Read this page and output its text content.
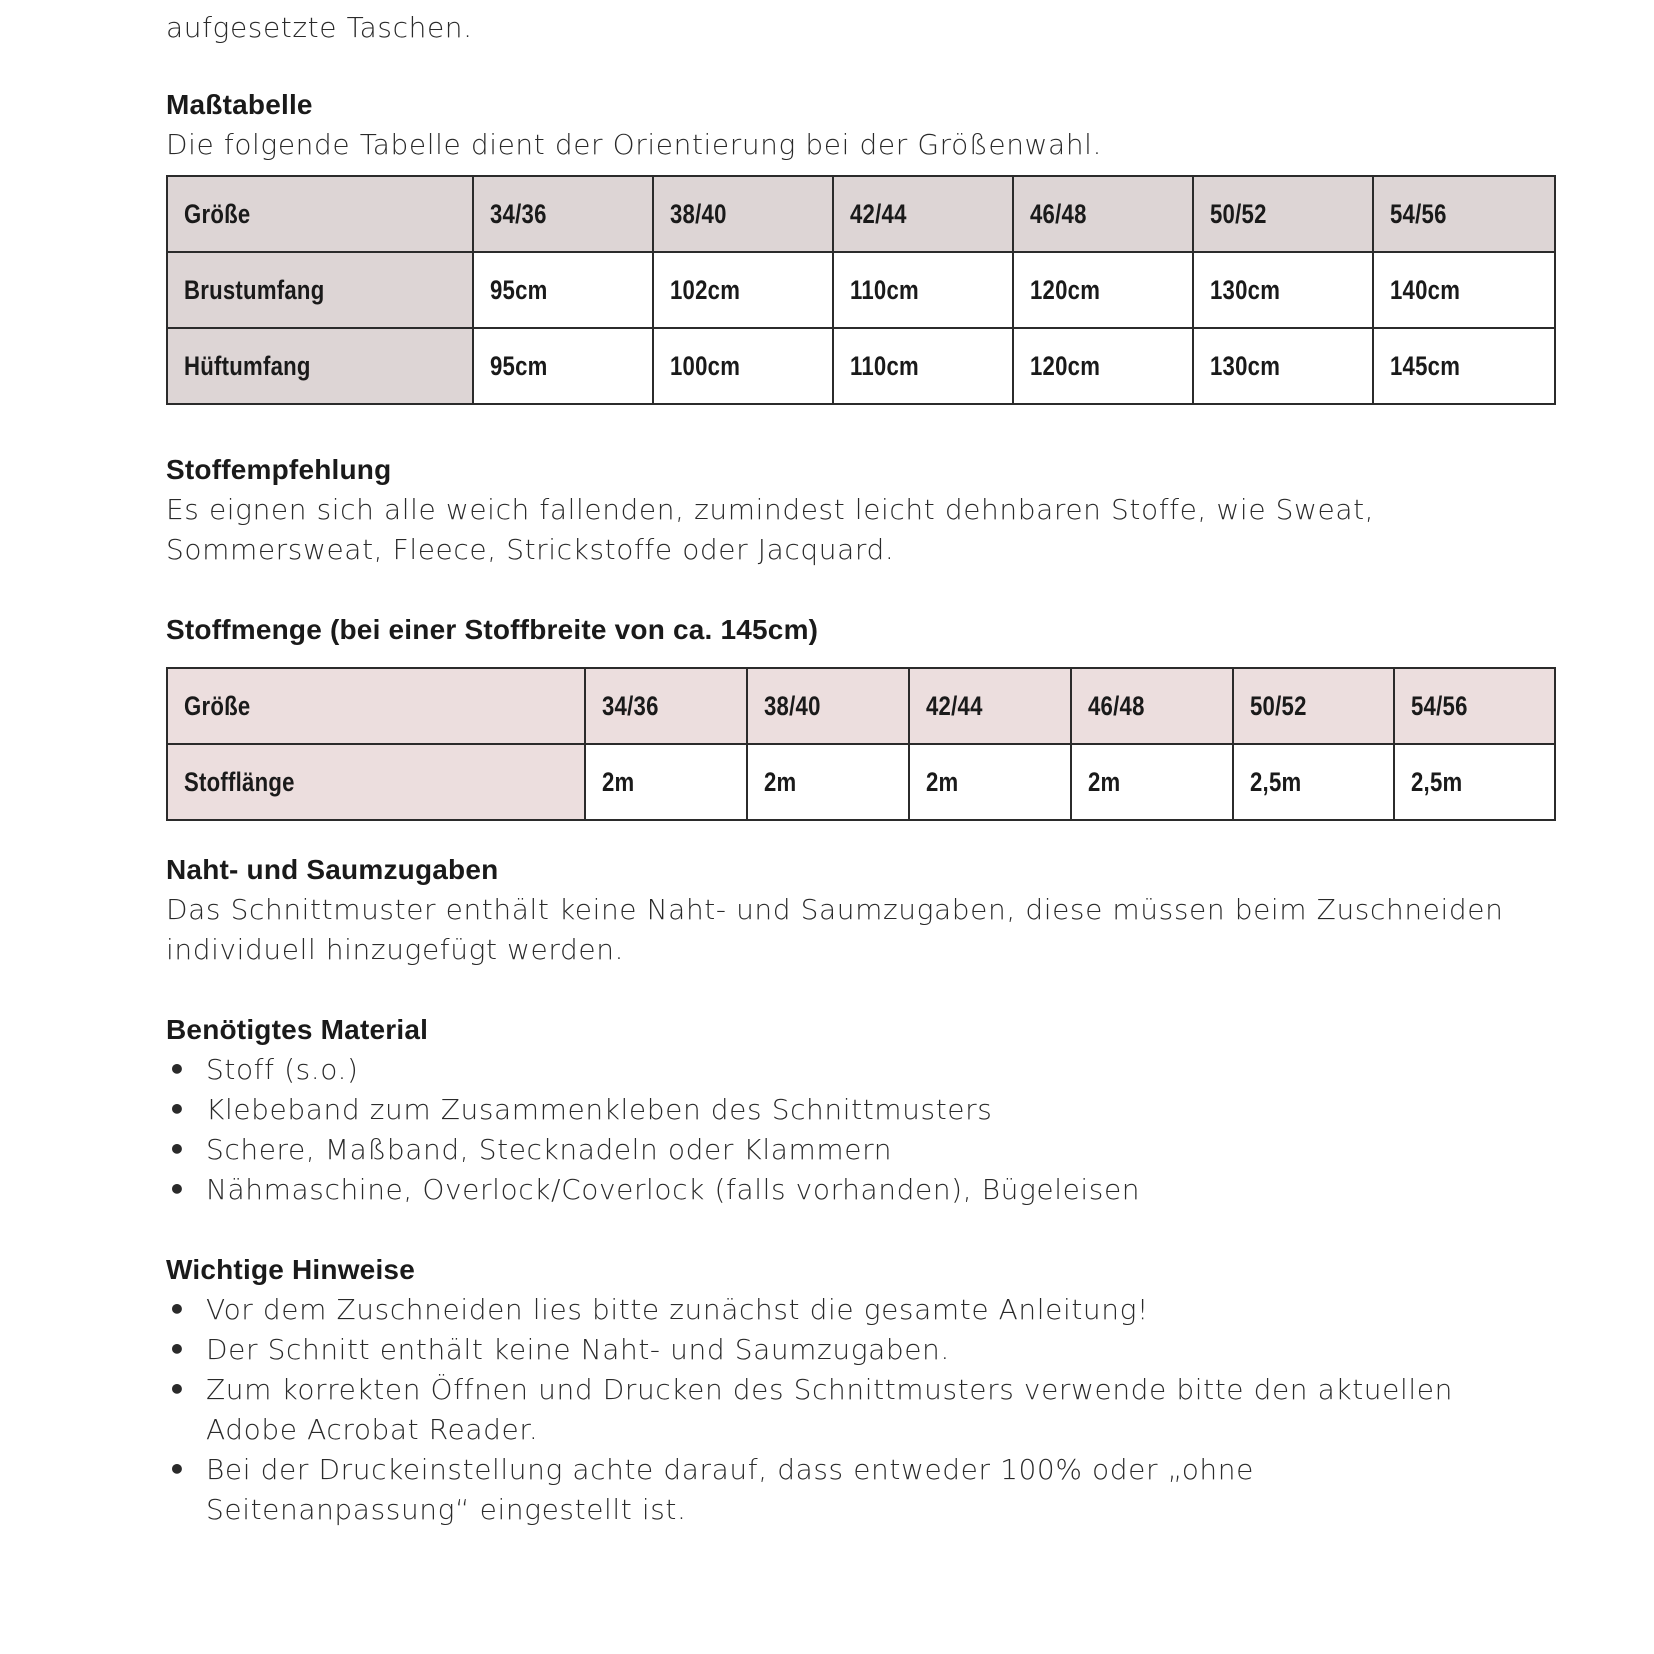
aufgesetzte Taschen.

Maßtabelle

Die folgende Tabelle dient der Orientierung bei der Größenwahl.

Größe	34/36	38/40	42/44	46/48	50/52	54/56
Brustumfang	95cm	102cm	110cm	120cm	130cm	140cm
Hüftumfang	95cm	100cm	110cm	120cm	130cm	145cm
Stoffempfehlung

Es eignen sich alle weich fallenden, zumindest leicht dehnbaren Stoffe, wie Sweat,

Sommersweat, Fleece, Strickstoffe oder Jacquard.

Stoffmenge (bei einer Stoffbreite von ca. 145cm)
Größe	34/36	38/40	42/44	46/48	50/52	54/56
Stofflänge	2m	2m	2m	2m	2,5m	2,5m
Naht- und Saumzugaben

Das Schnittmuster enthält keine Naht- und Saumzugaben, diese müssen beim Zuschneiden

individuell hinzugefügt werden.

Benötigtes Material
• Stoff (s.o.)
• Klebeband zum Zusammenkleben des Schnittmusters
• Schere, Maßband, Stecknadeln oder Klammern
• Nähmaschine, Overlock/Coverlock (falls vorhanden), Bügeleisen
Wichtige Hinweise
• Vor dem Zuschneiden lies bitte zunächst die gesamte Anleitung!
• Der Schnitt enthält keine Naht- und Saumzugaben.
• Zum korrekten Öffnen und Drucken des Schnittmusters verwende bitte den aktuellen
Adobe Acrobat Reader.
• Bei der Druckeinstellung achte darauf, dass entweder 100% oder „ohne
Seitenanpassung“ eingestellt ist.
